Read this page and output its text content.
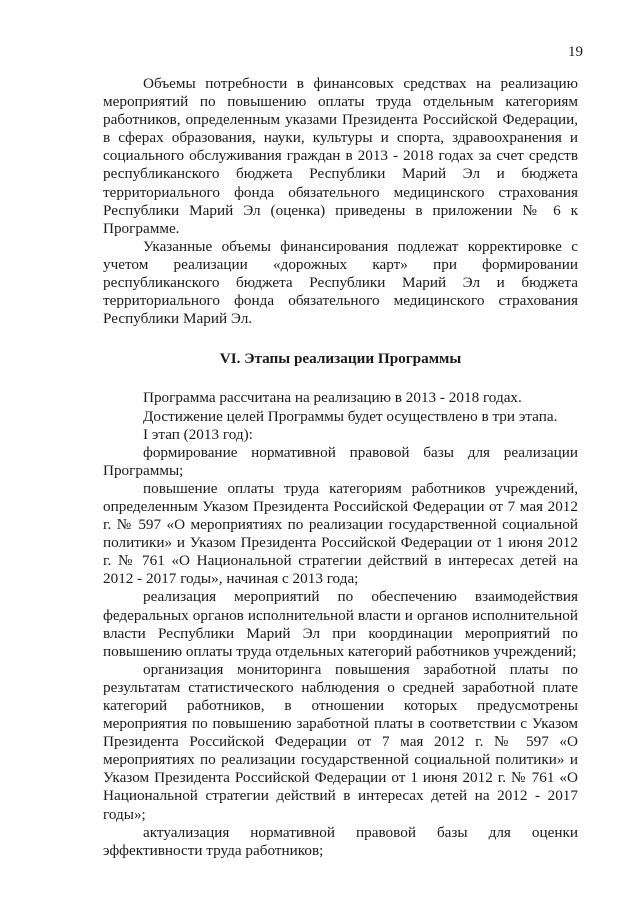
19

Объемы потребности в финансовых средствах на реализацию мероприятий по повышению оплаты труда отдельным категориям работников, определенным указами Президента Российской Федерации, в сферах образования, науки, культуры и спорта, здравоохранения и социального обслуживания граждан в 2013 - 2018 годах за счет средств республиканского бюджета Республики Марий Эл и бюджета территориального фонда обязательного медицинского страхования Республики Марий Эл (оценка) приведены в приложении № 6 к Программе.

Указанные объемы финансирования подлежат корректировке с учетом реализации «дорожных карт» при формировании республиканского бюджета Республики Марий Эл и бюджета территориального фонда обязательного медицинского страхования Республики Марий Эл.

VI. Этапы реализации Программы

Программа рассчитана на реализацию в 2013 - 2018 годах.

Достижение целей Программы будет осуществлено в три этапа.

I этап (2013 год):

формирование нормативной правовой базы для реализации Программы;

повышение оплаты труда категориям работников учреждений, определенным Указом Президента Российской Федерации от 7 мая 2012 г. № 597 «О мероприятиях по реализации государственной социальной политики» и Указом Президента Российской Федерации от 1 июня 2012 г. № 761 «О Национальной стратегии действий в интересах детей на 2012 - 2017 годы», начиная с 2013 года;

реализация мероприятий по обеспечению взаимодействия федеральных органов исполнительной власти и органов исполнительной власти Республики Марий Эл при координации мероприятий по повышению оплаты труда отдельных категорий работников учреждений;

организация мониторинга повышения заработной платы по результатам статистического наблюдения о средней заработной плате категорий работников, в отношении которых предусмотрены мероприятия по повышению заработной платы в соответствии с Указом Президента Российской Федерации от 7 мая 2012 г. № 597 «О мероприятиях по реализации государственной социальной политики» и Указом Президента Российской Федерации от 1 июня 2012 г. № 761 «О Национальной стратегии действий в интересах детей на 2012 - 2017 годы»;

актуализация нормативной правовой базы для оценки эффективности труда работников;
